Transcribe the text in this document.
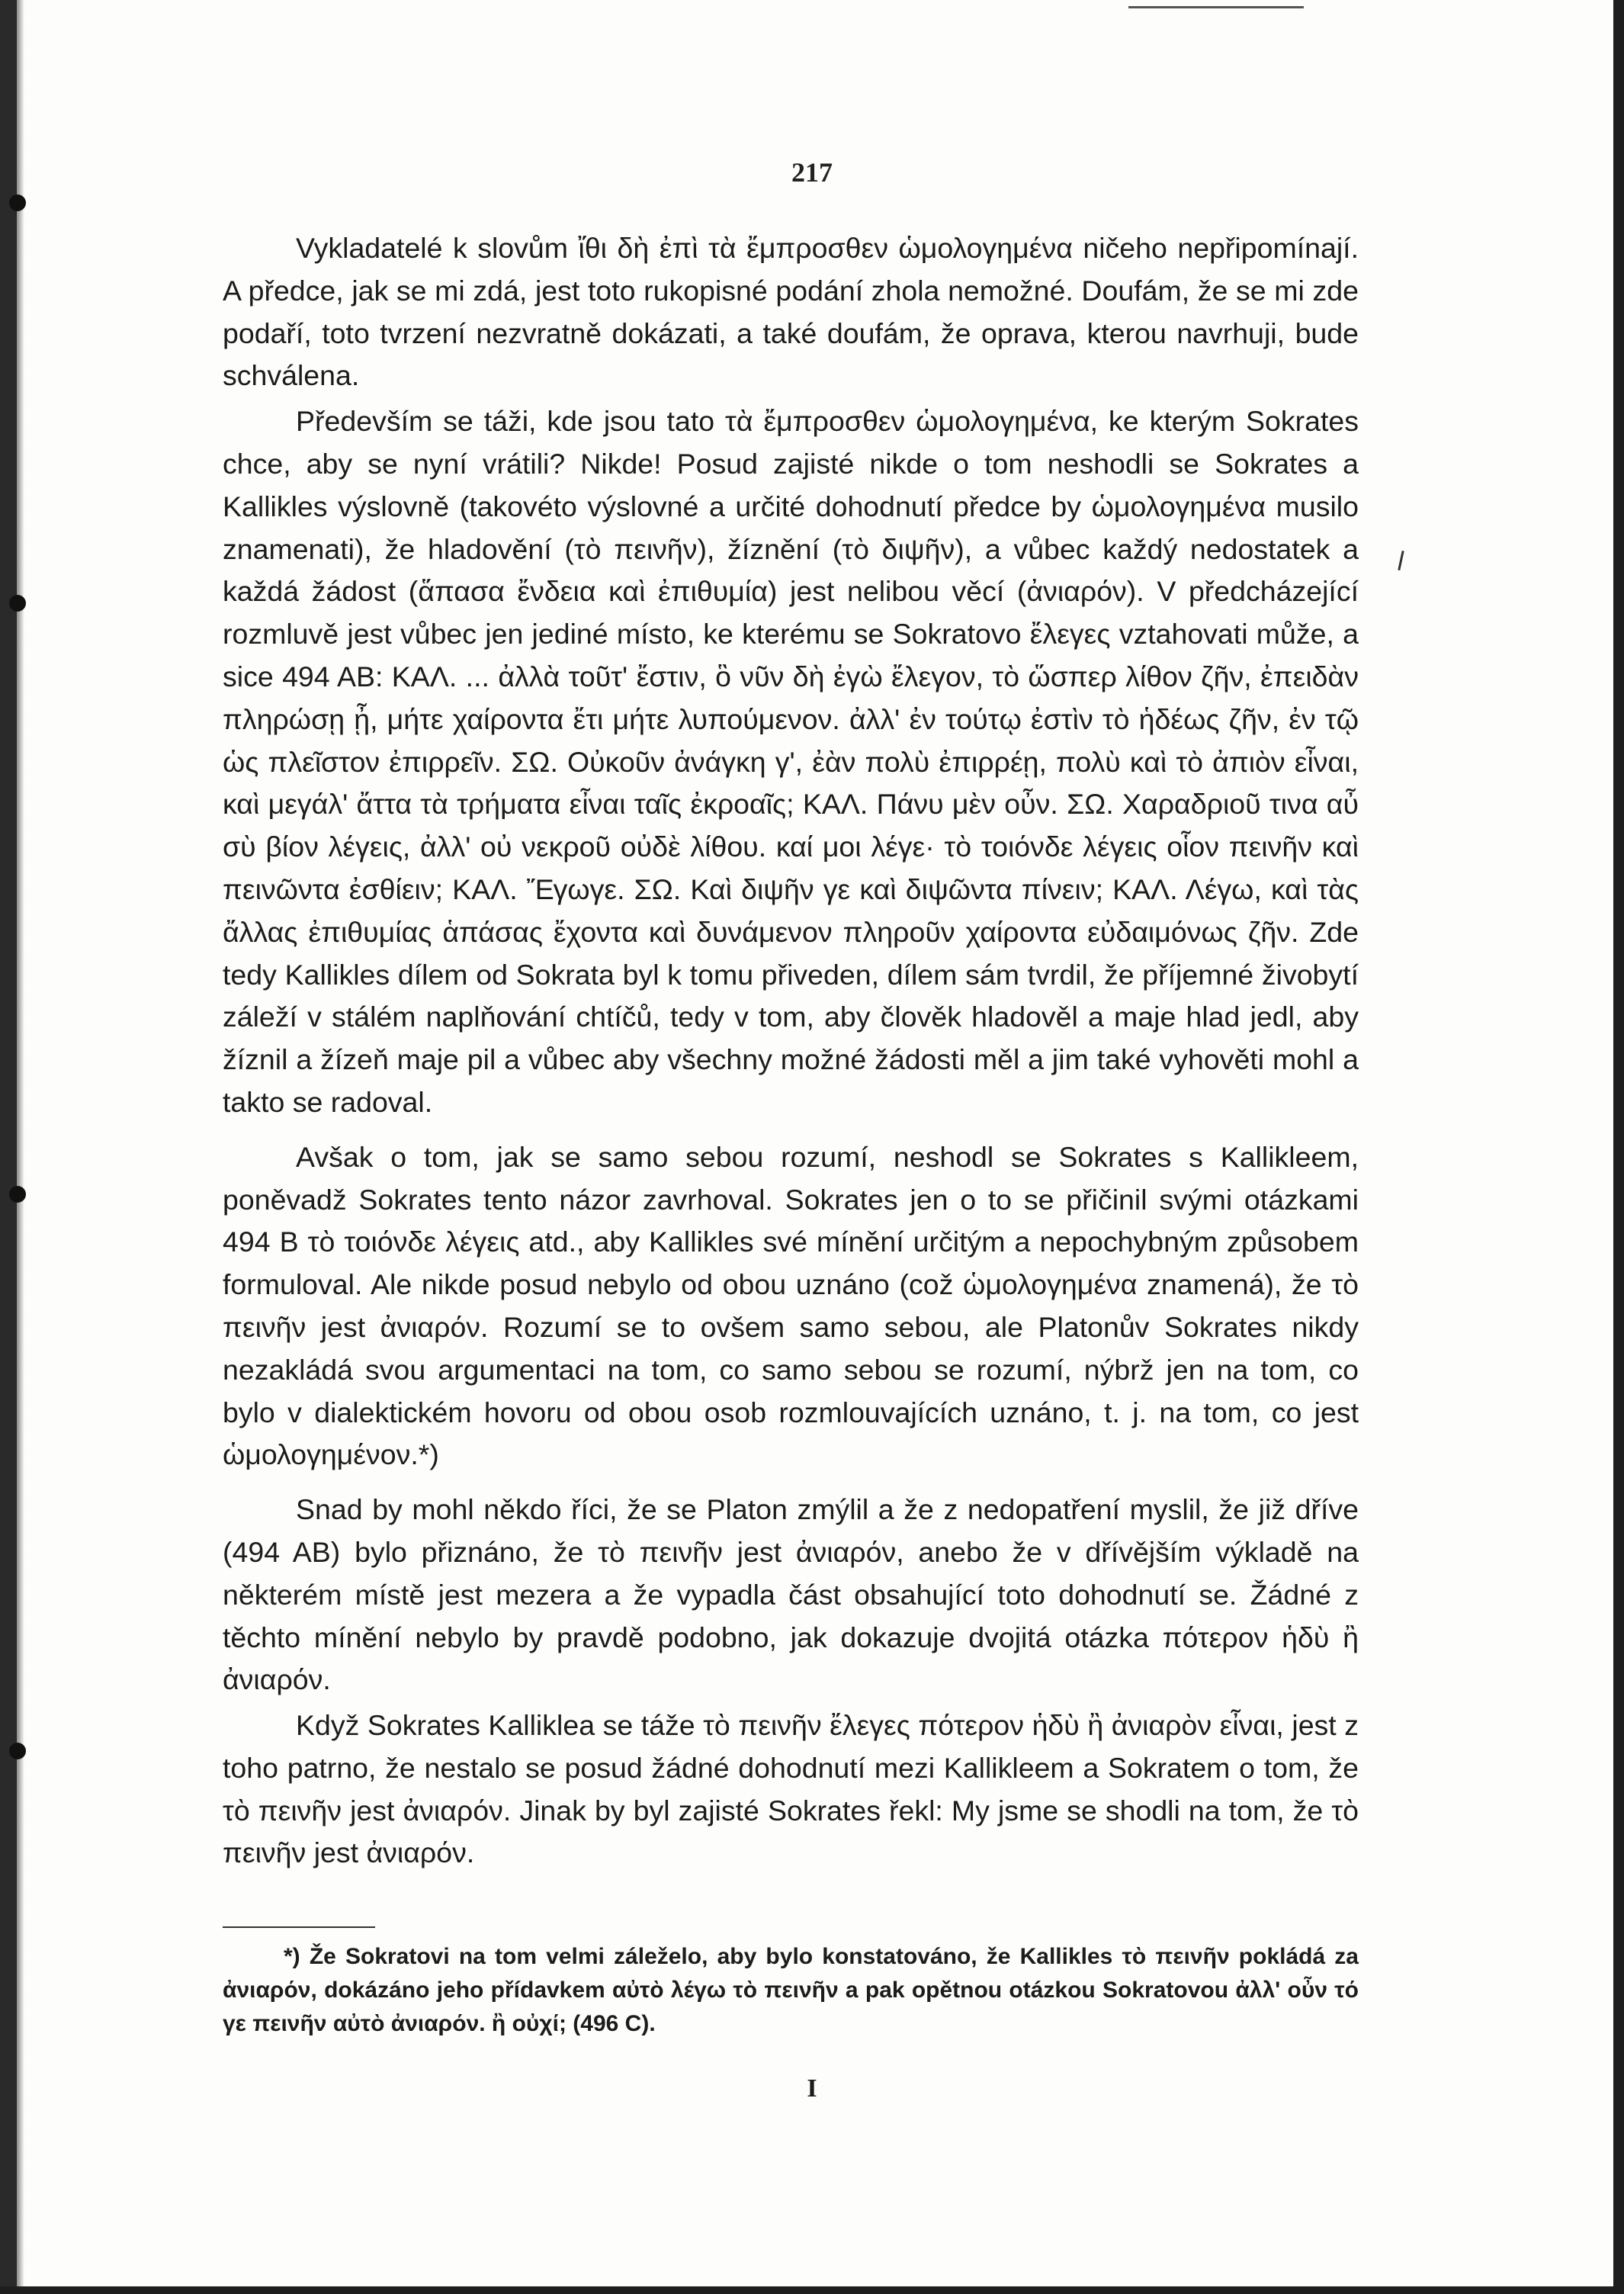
217

Vykladatelé k slovům ἴθι δὴ ἐπὶ τὰ ἔμπροσθεν ὡμολογημένα ničeho nepřipomínají. A předce, jak se mi zdá, jest toto rukopisné podání zhola nemožné. Doufám, že se mi zde podaří, toto tvrzení nezvratně dokázati, a také doufám, že oprava, kterou navrhuji, bude schválena.

Především se táži, kde jsou tato τὰ ἔμπροσθεν ὡμολογημένα, ke kterým Sokrates chce, aby se nyní vrátili? Nikde! Posud zajisté nikde o tom neshodli se Sokrates a Kallikles výslovně (takovéto výslovné a určité dohodnutí předce by ὡμολογημένα musilo znamenati), že hladovění (τὸ πεινῆν), žíznění (τὸ διψῆν), a vůbec každý nedostatek a každá žádost (ἅπασα ἔνδεια καὶ ἐπιθυμία) jest nelibou věcí (ἀνιαρόν). V předcházející rozmluvě jest vůbec jen jediné místo, ke kterému se Sokratovo ἔλεγες vztahovati může, a sice 494 AB: ΚΑΛ. ... ἀλλὰ τοῦτ' ἔστιν, ὃ νῦν δὴ ἐγὼ ἔλεγον, τὸ ὥσπερ λίθον ζῆν, ἐπειδὰν πληρώσῃ ᾖ, μήτε χαίροντα ἔτι μήτε λυπούμενον. ἀλλ' ἐν τούτῳ ἐστὶν τὸ ἡδέως ζῆν, ἐν τῷ ὡς πλεῖστον ἐπιρρεῖν. ΣΩ. Οὐκοῦν ἀνάγκη γ', ἐὰν πολὺ ἐπιρρέῃ, πολὺ καὶ τὸ ἀπιὸν εἶναι, καὶ μεγάλ' ἄττα τὰ τρήματα εἶναι ταῖς ἐκροαῖς; ΚΑΛ. Πάνυ μὲν οὖν. ΣΩ. Χαραδριοῦ τινα αὖ σὺ βίον λέγεις, ἀλλ' οὐ νεκροῦ οὐδὲ λίθου. καί μοι λέγε· τὸ τοιόνδε λέγεις οἷον πεινῆν καὶ πεινῶντα ἐσθίειν; ΚΑΛ. Ἔγωγε. ΣΩ. Καὶ διψῆν γε καὶ διψῶντα πίνειν; ΚΑΛ. Λέγω, καὶ τὰς ἄλλας ἐπιθυμίας ἁπάσας ἔχοντα καὶ δυνάμενον πληροῦν χαίροντα εὐδαιμόνως ζῆν. Zde tedy Kallikles dílem od Sokrata byl k tomu přiveden, dílem sám tvrdil, že příjemné živobytí záleží v stálém naplňování chtíčů, tedy v tom, aby člověk hladověl a maje hlad jedl, aby žíznil a žízeň maje pil a vůbec aby všechny možné žádosti měl a jim také vyhověti mohl a takto se radoval.

Avšak o tom, jak se samo sebou rozumí, neshodl se Sokrates s Kallikleem, poněvadž Sokrates tento názor zavrhoval. Sokrates jen o to se přičinil svými otázkami 494 B τὸ τοιόνδε λέγεις atd., aby Kallikles své mínění určitým a nepochybným způsobem formuloval. Ale nikde posud nebylo od obou uznáno (což ὡμολογημένα znamená), že τὸ πεινῆν jest ἀνιαρόν. Rozumí se to ovšem samo sebou, ale Platonův Sokrates nikdy nezakládá svou argumentaci na tom, co samo sebou se rozumí, nýbrž jen na tom, co bylo v dialektickém hovoru od obou osob rozmlouvajících uznáno, t. j. na tom, co jest ὡμολογημένον.*)

Snad by mohl někdo říci, že se Platon zmýlil a že z nedopatření myslil, že již dříve (494 AB) bylo přiznáno, že τὸ πεινῆν jest ἀνιαρόν, anebo že v dřívějším výkladě na některém místě jest mezera a že vypadla část obsahující toto dohodnutí se. Žádné z těchto mínění nebylo by pravdě podobno, jak dokazuje dvojitá otázka πότερον ἡδὺ ἢ ἀνιαρόν.

Když Sokrates Kalliklea se táže τὸ πεινῆν ἔλεγες πότερον ἡδὺ ἢ ἀνιαρὸν εἶναι, jest z toho patrno, že nestalo se posud žádné dohodnutí mezi Kallikleem a Sokratem o tom, že τὸ πεινῆν jest ἀνιαρόν. Jinak by byl zajisté Sokrates řekl: My jsme se shodli na tom, že τὸ πεινῆν jest ἀνιαρόν.

*) Že Sokratovi na tom velmi záleželo, aby bylo konstatováno, že Kallikles τὸ πεινῆν pokládá za ἀνιαρόν, dokázáno jeho přídavkem αὐτὸ λέγω τὸ πεινῆν a pak opětnou otázkou Sokratovou ἀλλ' οὖν τό γε πεινῆν αὐτὸ ἀνιαρόν. ἢ οὐχί; (496 C).

I
